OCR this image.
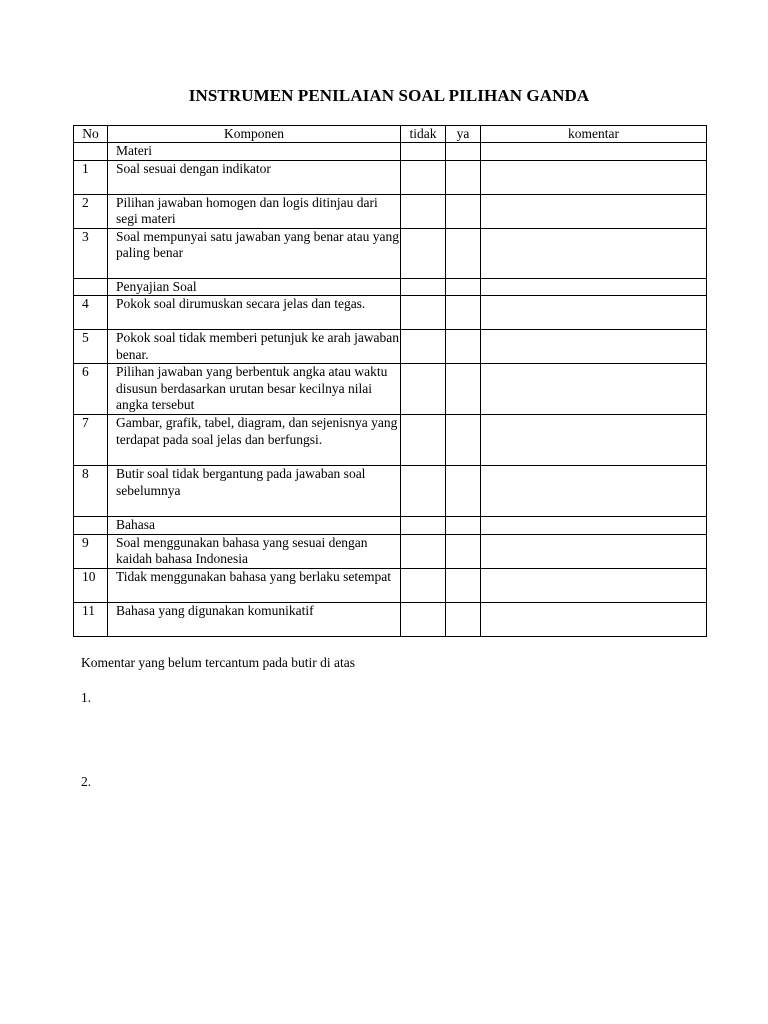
INSTRUMEN PENILAIAN SOAL PILIHAN GANDA
No	Komponen	tidak	ya	komentar
	Materi			
1	Soal sesuai dengan indikator			
2	Pilihan jawaban homogen dan logis ditinjau dari segi materi			
3	Soal mempunyai satu jawaban yang benar atau yang paling benar			
	Penyajian Soal			
4	Pokok soal dirumuskan secara jelas dan tegas.			
5	Pokok soal tidak memberi petunjuk ke arah jawaban benar.			
6	Pilihan jawaban yang berbentuk angka atau waktu disusun berdasarkan urutan besar kecilnya nilai angka tersebut			
7	Gambar, grafik, tabel, diagram, dan sejenisnya yang terdapat pada soal jelas dan berfungsi.			
8	Butir soal tidak bergantung pada jawaban soal sebelumnya			
	Bahasa			
9	Soal menggunakan bahasa yang sesuai dengan kaidah bahasa Indonesia			
10	Tidak menggunakan bahasa yang berlaku setempat			
11	Bahasa yang digunakan komunikatif			
Komentar yang belum tercantum pada butir di atas
1.
2.
